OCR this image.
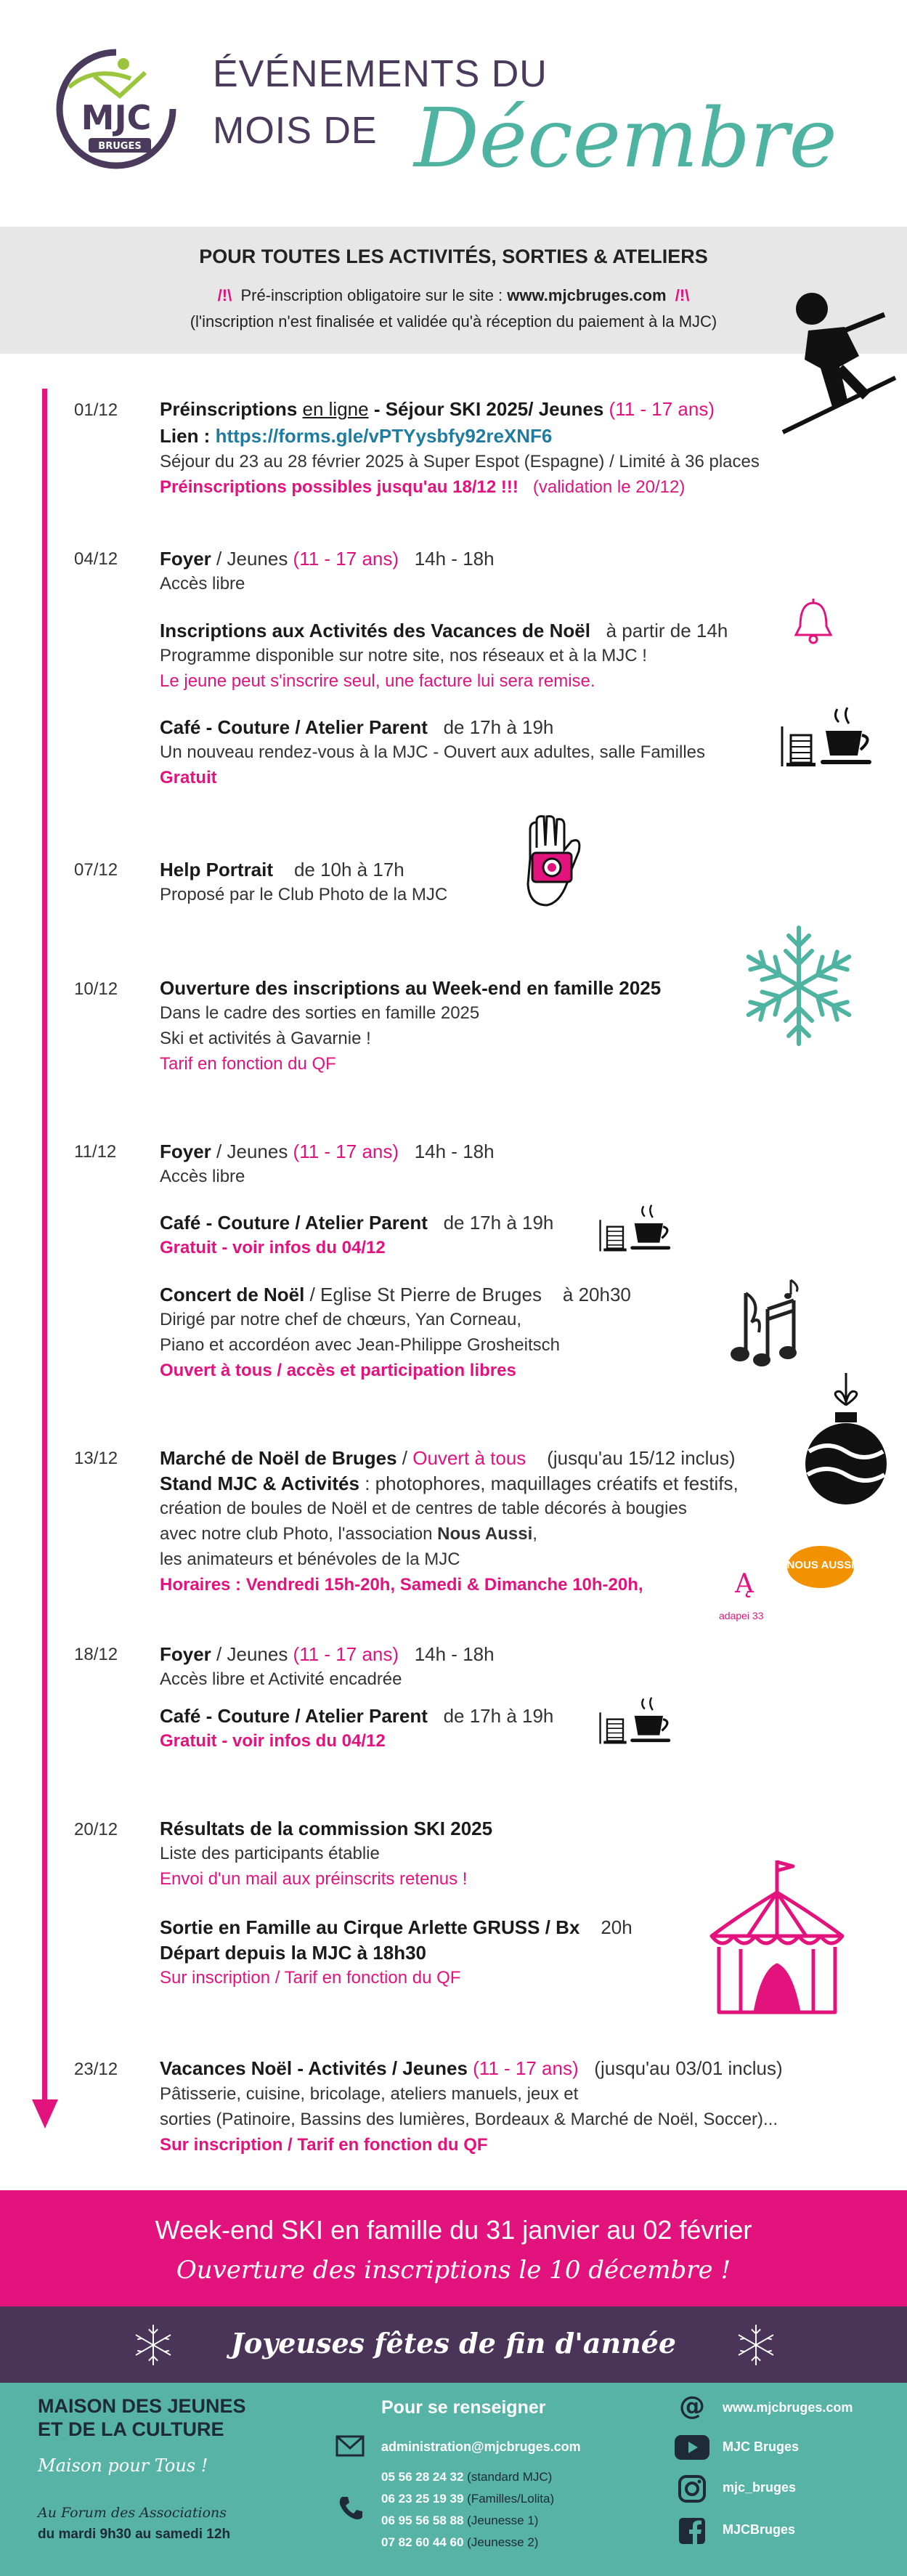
MJC
BRUGES
ÉVÉNEMENTS DU
MOIS DE Décembre
POUR TOUTES LES ACTIVITÉS, SORTIES & ATELIERS
/!\ Pré-inscription obligatoire sur le site : www.mjcbruges.com /!\
(l'inscription n'est finalisée et validée qu'à réception du paiement à la MJC)
01/12 Préinscriptions en ligne - Séjour SKI 2025/ Jeunes (11 - 17 ans)
Lien : https://forms.gle/vPTYysbfy92reXNF6
Séjour du 23 au 28 février 2025 à Super Espot (Espagne) / Limité à 36 places
Préinscriptions possibles jusqu'au 18/12 !!! (validation le 20/12)
04/12 Foyer / Jeunes (11 - 17 ans) 14h - 18h
Accès libre
Inscriptions aux Activités des Vacances de Noël à partir de 14h
Programme disponible sur notre site, nos réseaux et à la MJC !
Le jeune peut s'inscrire seul, une facture lui sera remise.
Café - Couture / Atelier Parent de 17h à 19h
Un nouveau rendez-vous à la MJC - Ouvert aux adultes, salle Familles
Gratuit
07/12 Help Portrait de 10h à 17h
Proposé par le Club Photo de la MJC
10/12 Ouverture des inscriptions au Week-end en famille 2025
Dans le cadre des sorties en famille 2025
Ski et activités à Gavarnie !
Tarif en fonction du QF
11/12 Foyer / Jeunes (11 - 17 ans) 14h - 18h
Accès libre
Café - Couture / Atelier Parent de 17h à 19h
Gratuit - voir infos du 04/12
Concert de Noël / Eglise St Pierre de Bruges à 20h30
Dirigé par notre chef de chœurs, Yan Corneau,
Piano et accordéon avec Jean-Philippe Grosheitsch
Ouvert à tous / accès et participation libres
13/12 Marché de Noël de Bruges / Ouvert à tous (jusqu'au 15/12 inclus)
Stand MJC & Activités : photophores, maquillages créatifs et festifs,
création de boules de Noël et de centres de table décorés à bougies
avec notre club Photo, l'association Nous Aussi,
les animateurs et bénévoles de la MJC
Horaires : Vendredi 15h-20h, Samedi & Dimanche 10h-20h,	Ą
adapei 33
NOUS AUSSI
18/12 Foyer / Jeunes (11 - 17 ans) 14h - 18h
Accès libre et Activité encadrée
Café - Couture / Atelier Parent de 17h à 19h
Gratuit - voir infos du 04/12
20/12 Résultats de la commission SKI 2025
Liste des participants établie
Envoi d'un mail aux préinscrits retenus !
Sortie en Famille au Cirque Arlette GRUSS / Bx 20h
Départ depuis la MJC à 18h30
Sur inscription / Tarif en fonction du QF
23/12 Vacances Noël - Activités / Jeunes (11 - 17 ans) (jusqu'au 03/01 inclus)
Pâtisserie, cuisine, bricolage, ateliers manuels, jeux et
sorties (Patinoire, Bassins des lumières, Bordeaux & Marché de Noël, Soccer)...
Sur inscription / Tarif en fonction du QF
Week-end SKI en famille du 31 janvier au 02 février
Ouverture des inscriptions le 10 décembre !
Joyeuses fêtes de fin d'année
MAISON DES JEUNES
ET DE LA CULTURE
Maison pour Tous !
Au Forum des Associations
du mardi 9h30 au samedi 12h
Pour se renseigner
administration@mjcbruges.com
05 56 28 24 32 (standard MJC)
06 23 25 19 39 (Familles/Lolita)
06 95 56 58 88 (Jeunesse 1)
07 82 60 44 60 (Jeunesse 2)
@ www.mjcbruges.com
MJC Bruges
mjc_bruges
MJCBruges
